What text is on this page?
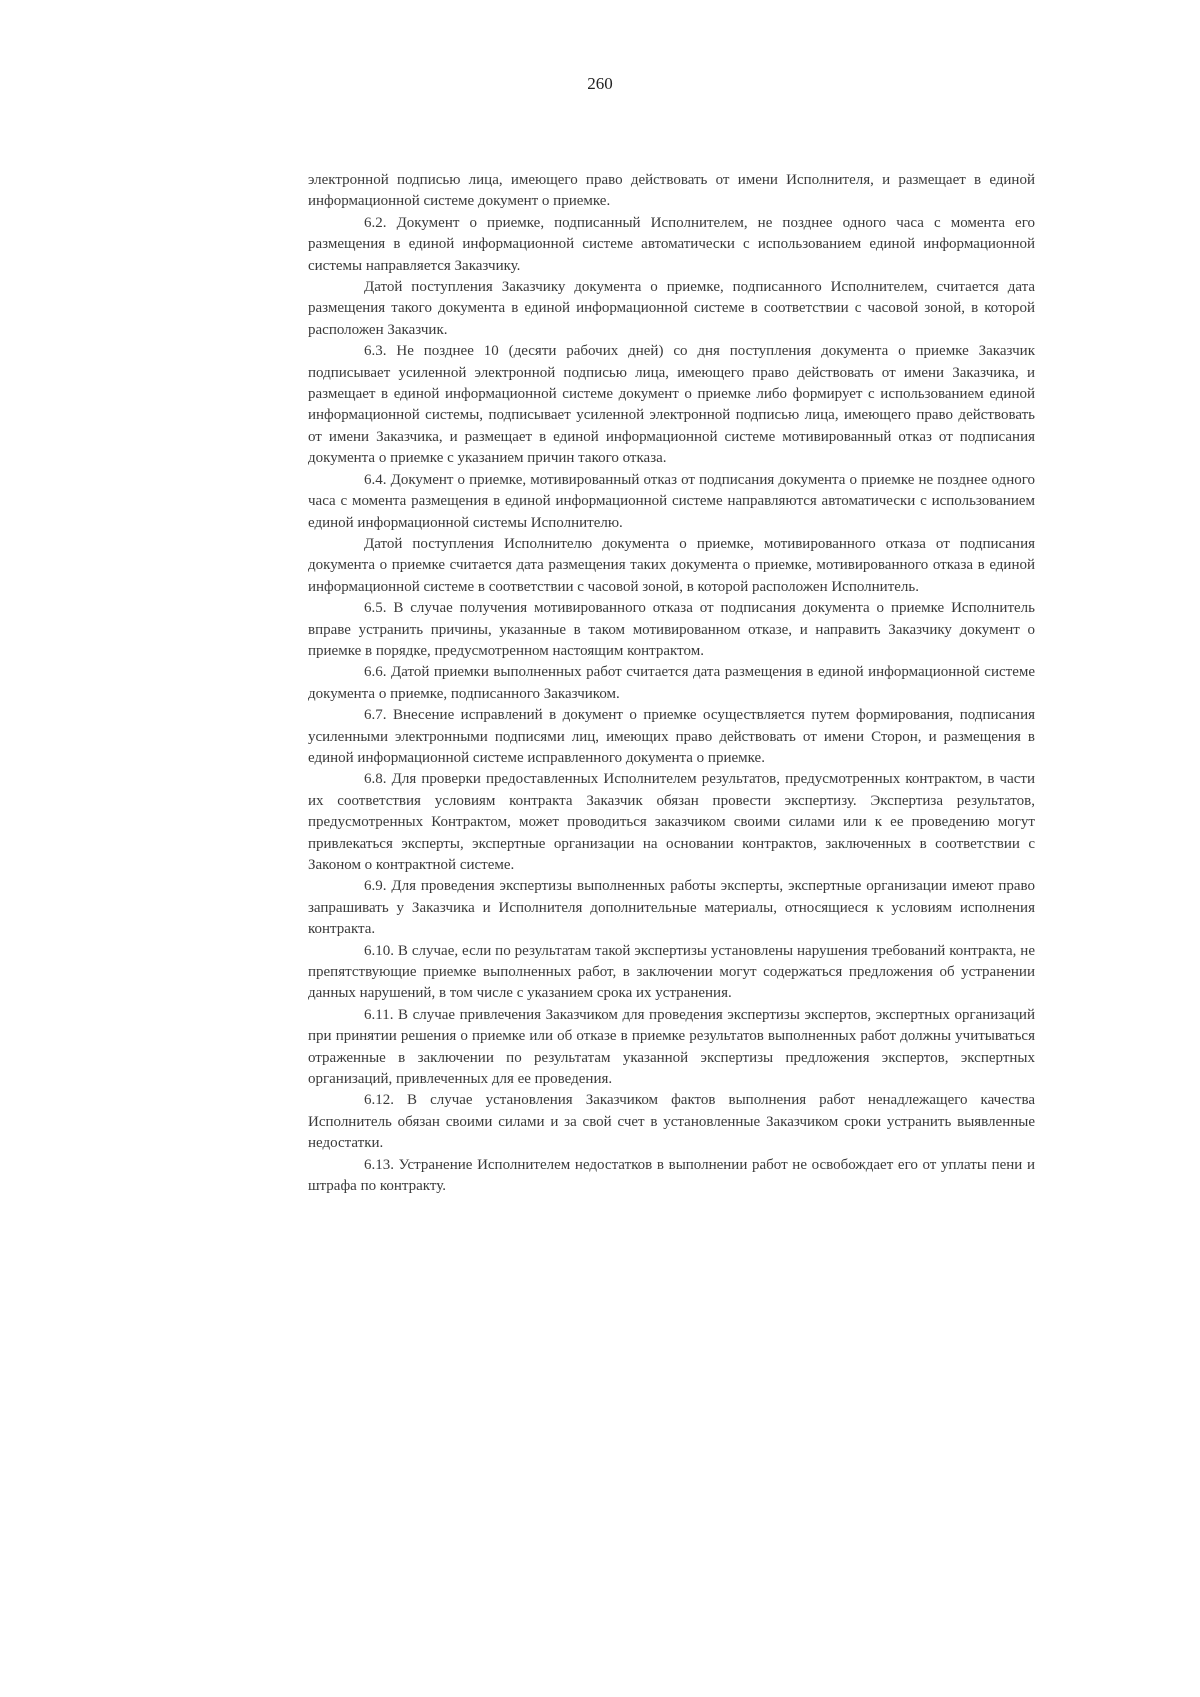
260

электронной подписью лица, имеющего право действовать от имени Исполнителя, и размещает в единой информационной системе документ о приемке.

6.2. Документ о приемке, подписанный Исполнителем, не позднее одного часа с момента его размещения в единой информационной системе автоматически с использованием единой информационной системы направляется Заказчику.

Датой поступления Заказчику документа о приемке, подписанного Исполнителем, считается дата размещения такого документа в единой информационной системе в соответствии с часовой зоной, в которой расположен Заказчик.

6.3. Не позднее 10 (десяти рабочих дней) со дня поступления документа о приемке Заказчик подписывает усиленной электронной подписью лица, имеющего право действовать от имени Заказчика, и размещает в единой информационной системе документ о приемке либо формирует с использованием единой информационной системы, подписывает усиленной электронной подписью лица, имеющего право действовать от имени Заказчика, и размещает в единой информационной системе мотивированный отказ от подписания документа о приемке с указанием причин такого отказа.

6.4. Документ о приемке, мотивированный отказ от подписания документа о приемке не позднее одного часа с момента размещения в единой информационной системе направляются автоматически с использованием единой информационной системы Исполнителю.

Датой поступления Исполнителю документа о приемке, мотивированного отказа от подписания документа о приемке считается дата размещения таких документа о приемке, мотивированного отказа в единой информационной системе в соответствии с часовой зоной, в которой расположен Исполнитель.

6.5. В случае получения мотивированного отказа от подписания документа о приемке Исполнитель вправе устранить причины, указанные в таком мотивированном отказе, и направить Заказчику документ о приемке в порядке, предусмотренном настоящим контрактом.

6.6. Датой приемки выполненных работ считается дата размещения в единой информационной системе документа о приемке, подписанного Заказчиком.

6.7. Внесение исправлений в документ о приемке осуществляется путем формирования, подписания усиленными электронными подписями лиц, имеющих право действовать от имени Сторон, и размещения в единой информационной системе исправленного документа о приемке.

6.8. Для проверки предоставленных Исполнителем результатов, предусмотренных контрактом, в части их соответствия условиям контракта Заказчик обязан провести экспертизу. Экспертиза результатов, предусмотренных Контрактом, может проводиться заказчиком своими силами или к ее проведению могут привлекаться эксперты, экспертные организации на основании контрактов, заключенных в соответствии с Законом о контрактной системе.

6.9. Для проведения экспертизы выполненных работы эксперты, экспертные организации имеют право запрашивать у Заказчика и Исполнителя дополнительные материалы, относящиеся к условиям исполнения контракта.

6.10. В случае, если по результатам такой экспертизы установлены нарушения требований контракта, не препятствующие приемке выполненных работ, в заключении могут содержаться предложения об устранении данных нарушений, в том числе с указанием срока их устранения.

6.11. В случае привлечения Заказчиком для проведения экспертизы экспертов, экспертных организаций при принятии решения о приемке или об отказе в приемке результатов выполненных работ должны учитываться отраженные в заключении по результатам указанной экспертизы предложения экспертов, экспертных организаций, привлеченных для ее проведения.

6.12. В случае установления Заказчиком фактов выполнения работ ненадлежащего качества Исполнитель обязан своими силами и за свой счет в установленные Заказчиком сроки устранить выявленные недостатки.

6.13. Устранение Исполнителем недостатков в выполнении работ не освобождает его от уплаты пени и штрафа по контракту.
